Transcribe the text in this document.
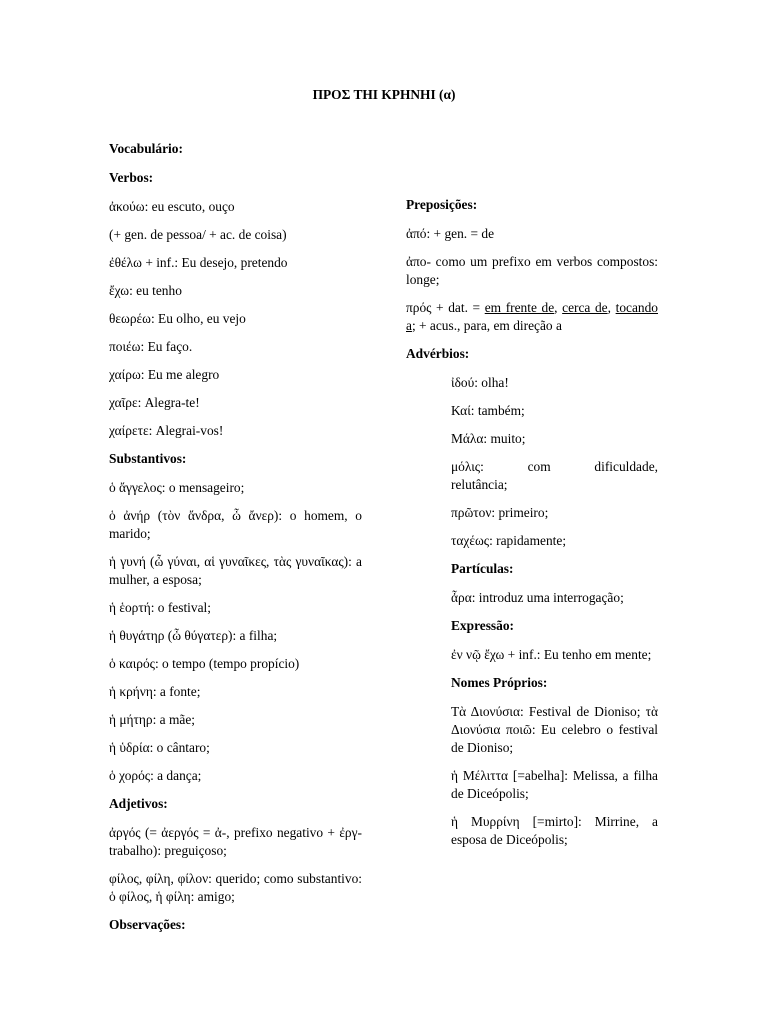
ΠΡΟΣ ΤΗΙ ΚΡΗΝΗΙ (α)
Vocabulário:
Verbos:
ἀκούω: eu escuto, ouço
(+ gen. de pessoa/ + ac. de coisa)
ἐθέλω + inf.: Eu desejo, pretendo
ἔχω: eu tenho
θεωρέω: Eu olho, eu vejo
ποιέω: Eu faço.
χαίρω: Eu me alegro
χαῖρε: Alegra-te!
χαίρετε: Alegrai-vos!
Substantivos:
ὁ ἄγγελος: o mensageiro;
ὁ ἀνήρ (τὸν ἄνδρα, ὦ ἄνερ): o homem, o marido;
ἡ γυνή (ὦ γύναι, αἱ γυναῖκες, τὰς γυναῖκας): a mulher, a esposa;
ἡ ἑορτή: o festival;
ἡ θυγάτηρ (ὦ θύγατερ): a filha;
ὁ καιρός: o tempo (tempo propício)
ἡ κρήνη: a fonte;
ἡ μήτηρ: a mãe;
ἡ ὑδρία: o cântaro;
ὁ χορός: a dança;
Adjetivos:
ἀργός (= ἀεργός = ἀ-, prefixo negativo + ἐργ- trabalho): preguiçoso;
φίλος, φίλη, φίλον: querido; como substantivo: ὁ φίλος, ἡ φίλη: amigo;
Observações:
Preposições:
ἀπό: + gen. = de
ἀπο- como um prefixo em verbos compostos: longe;
πρός + dat. = em frente de, cerca de, tocando a; + acus., para, em direção a
Advérbios:
ἰδού: olha!
Καί: também;
Μάλα: muito;
μόλις:	com	dificuldade,
relutância;
πρῶτον: primeiro;
ταχέως: rapidamente;
Partículas:
ἆρα: introduz uma interrogação;
Expressão:
ἐν νῷ ἔχω + inf.: Eu tenho em mente;
Nomes Próprios:
Τὰ Διονύσια: Festival de Dioniso; τὰ Διονύσια ποιῶ: Eu celebro o festival de Dioniso;
ἡ Μέλιττα [=abelha]: Melissa, a filha de Diceópolis;
ἡ Μυρρίνη [=mirto]: Mirrine, a esposa de Diceópolis;
